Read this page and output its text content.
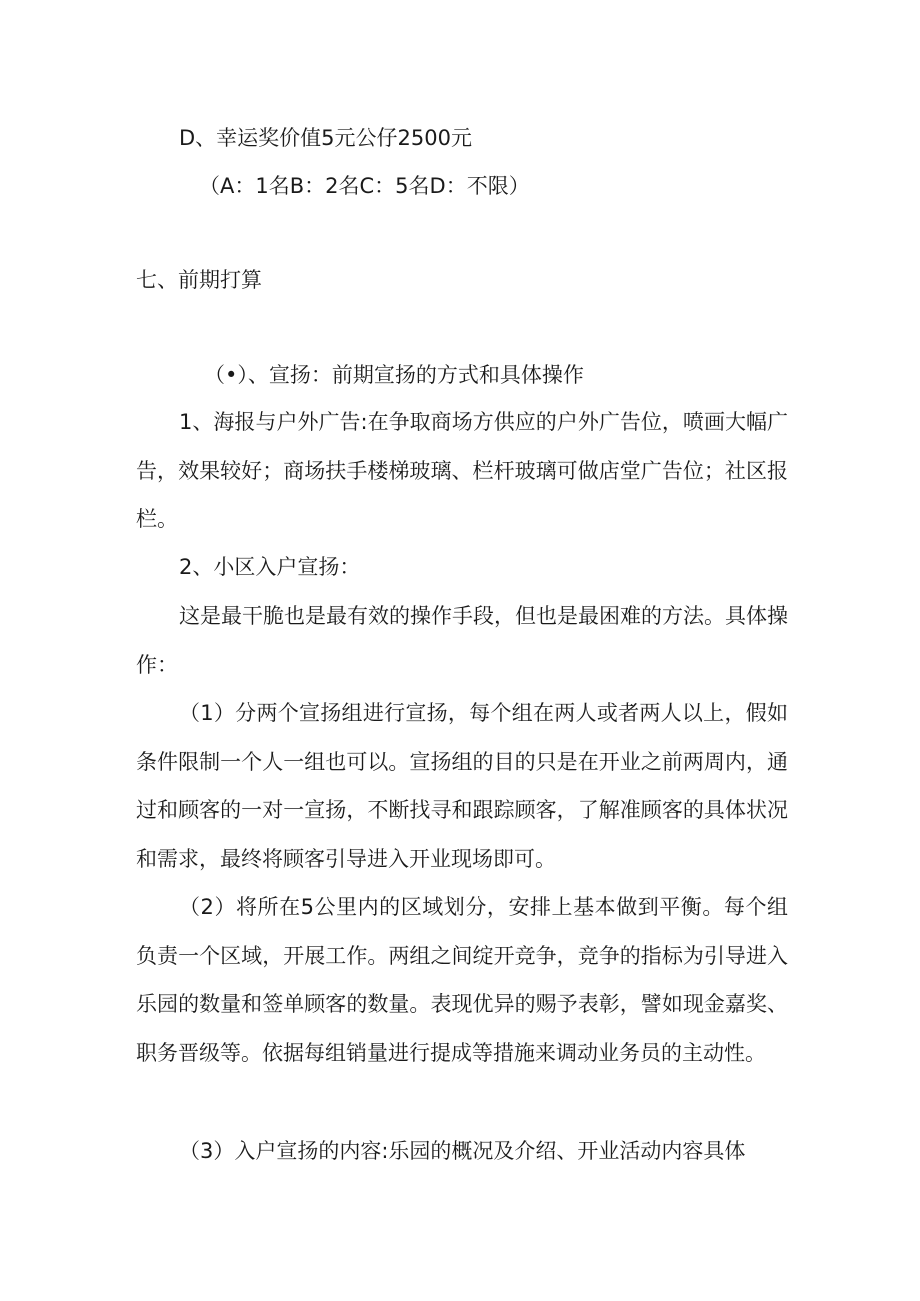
D、幸运奖价值5元公仔2500元

（A：1名B：2名C：5名D：不限）

七、前期打算

（•）、宣扬：前期宣扬的方式和具体操作

1、海报与户外广告:在争取商场方供应的户外广告位，喷画大幅广告，效果较好；商场扶手楼梯玻璃、栏杆玻璃可做店堂广告位；社区报栏。

2、小区入户宣扬：

这是最干脆也是最有效的操作手段，但也是最困难的方法。具体操作：

（1）分两个宣扬组进行宣扬，每个组在两人或者两人以上，假如条件限制一个人一组也可以。宣扬组的目的只是在开业之前两周内，通过和顾客的一对一宣扬，不断找寻和跟踪顾客，了解准顾客的具体状况和需求，最终将顾客引导进入开业现场即可。

（2）将所在5公里内的区域划分，安排上基本做到平衡。每个组负责一个区域，开展工作。两组之间绽开竞争，竞争的指标为引导进入乐园的数量和签单顾客的数量。表现优异的赐予表彰，譬如现金嘉奖、职务晋级等。依据每组销量进行提成等措施来调动业务员的主动性。

（3）入户宣扬的内容:乐园的概况及介绍、开业活动内容具体
